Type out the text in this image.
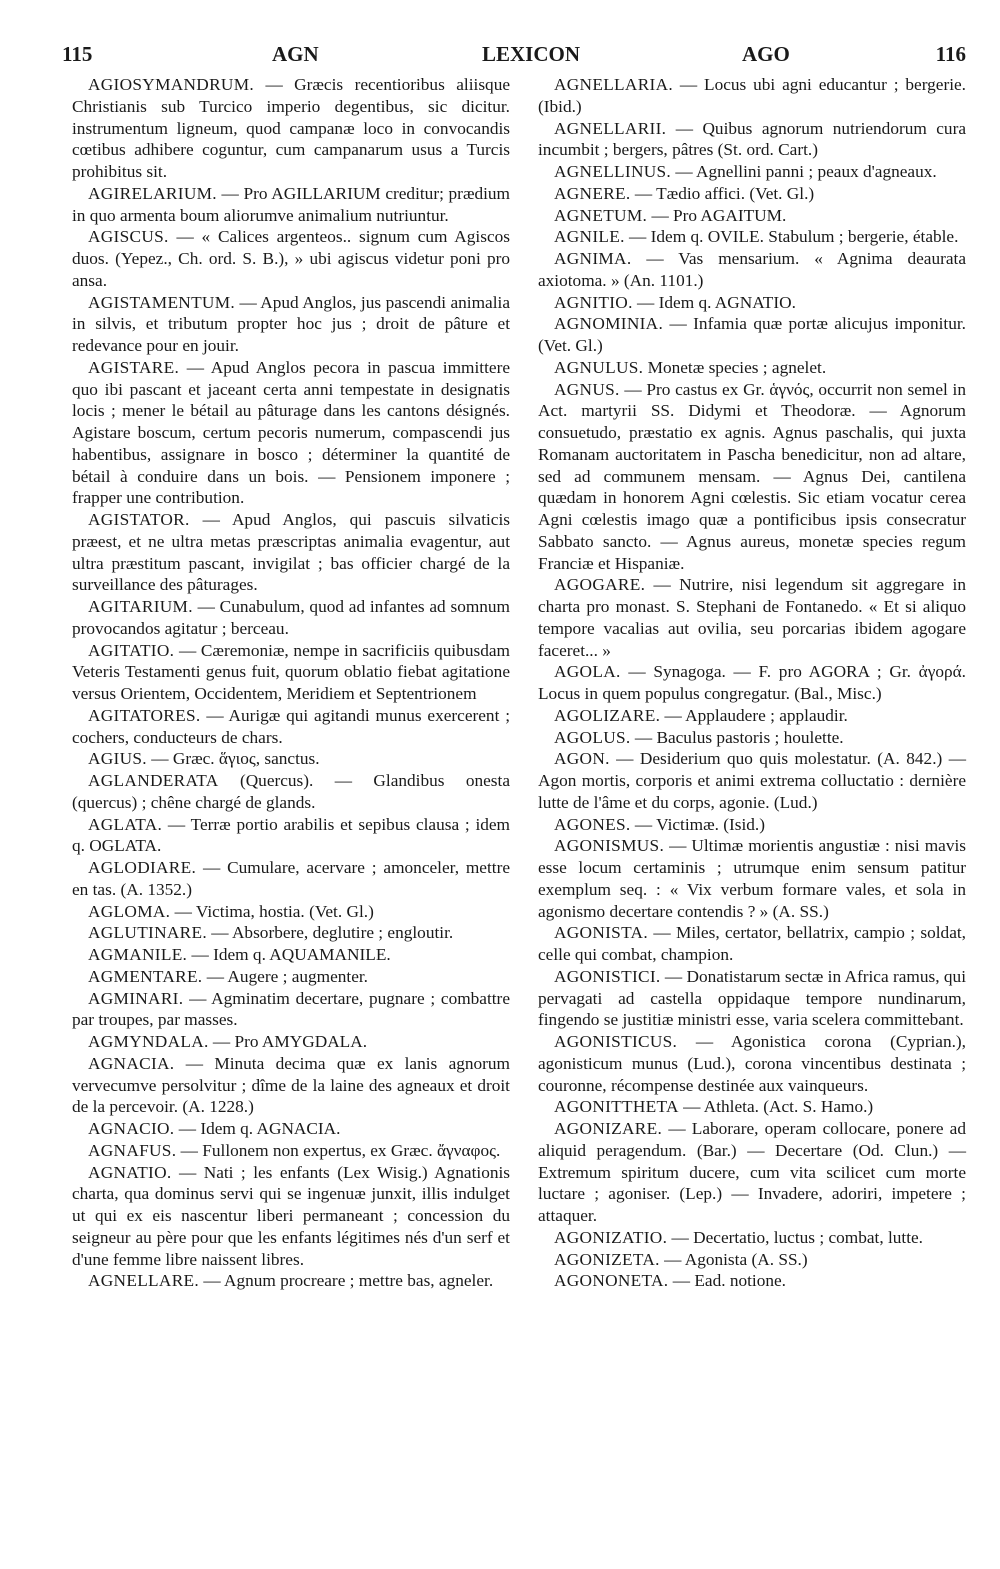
115	AGN	LEXICON	AGO	116

AGIOSYMANDRUM. — Græcis recentioribus aliisque Christianis sub Turcico imperio degentibus, sic dicitur. instrumentum ligneum, quod campanæ loco in convocandis cœtibus adhibere coguntur, cum campanarum usus a Turcis prohibitus sit.

AGIRELARIUM. — Pro AGILLARIUM creditur; prædium in quo armenta boum aliorumve animalium nutriuntur.

AGISCUS. — « Calices argenteos.. signum cum Agiscos duos. (Yepez., Ch. ord. S. B.), » ubi agiscus videtur poni pro ansa.

AGISTAMENTUM. — Apud Anglos, jus pascendi animalia in silvis, et tributum propter hoc jus ; droit de pâture et redevance pour en jouir.

AGISTARE. — Apud Anglos pecora in pascua immittere quo ibi pascant et jaceant certa anni tempestate in designatis locis ; mener le bétail au pâturage dans les cantons désignés. Agistare boscum, certum pecoris numerum, compascendi jus habentibus, assignare in bosco ; déterminer la quantité de bétail à conduire dans un bois. — Pensionem imponere ; frapper une contribution.

AGISTATOR. — Apud Anglos, qui pascuis silvaticis præest, et ne ultra metas præscriptas animalia evagentur, aut ultra præstitum pascant, invigilat ; bas officier chargé de la surveillance des pâturages.

AGITARIUM. — Cunabulum, quod ad infantes ad somnum provocandos agitatur ; berceau.

AGITATIO. — Cæremoniæ, nempe in sacrificiis quibusdam Veteris Testamenti genus fuit, quorum oblatio fiebat agitatione versus Orientem, Occidentem, Meridiem et Septentrionem

AGITATORES. — Aurigæ qui agitandi munus exercerent ; cochers, conducteurs de chars.

AGIUS. — Græc. ἅγιος, sanctus.

AGLANDERATA (Quercus). — Glandibus onesta (quercus) ; chêne chargé de glands.

AGLATA. — Terræ portio arabilis et sepibus clausa ; idem q. OGLATA.

AGLODIARE. — Cumulare, acervare ; amonceler, mettre en tas. (A. 1352.)

AGLOMA. — Victima, hostia. (Vet. Gl.)

AGLUTINARE. — Absorbere, deglutire ; engloutir.

AGMANILE. — Idem q. AQUAMANILE.

AGMENTARE. — Augere ; augmenter.

AGMINARI. — Agminatim decertare, pugnare ; combattre par troupes, par masses.

AGMYNDALA. — Pro AMYGDALA.

AGNACIA. — Minuta decima quæ ex lanis agnorum vervecumve persolvitur ; dîme de la laine des agneaux et droit de la percevoir. (A. 1228.)

AGNACIO. — Idem q. AGNACIA.

AGNAFUS. — Fullonem non expertus, ex Græc. ἄγναφος.

AGNATIO. — Nati ; les enfants (Lex Wisig.) Agnationis charta, qua dominus servi qui se ingenuæ junxit, illis indulget ut qui ex eis nascentur liberi permaneant ; concession du seigneur au père pour que les enfants légitimes nés d'un serf et d'une femme libre naissent libres.

AGNELLARE. — Agnum procreare ; mettre bas, agneler.

AGNELLARIA. — Locus ubi agni educantur ; bergerie. (Ibid.)

AGNELLARII. — Quibus agnorum nutriendorum cura incumbit ; bergers, pâtres (St. ord. Cart.)

AGNELLINUS. — Agnellini panni ; peaux d'agneaux.

AGNERE. — Tædio affici. (Vet. Gl.)

AGNETUM. — Pro AGAITUM.

AGNILE. — Idem q. OVILE. Stabulum ; bergerie, étable.

AGNIMA. — Vas mensarium. « Agnima deaurata axiotoma. » (An. 1101.)

AGNITIO. — Idem q. AGNATIO.

AGNOMINIA. — Infamia quæ portæ alicujus imponitur. (Vet. Gl.)

AGNULUS. Monetæ species ; agnelet.

AGNUS. — Pro castus ex Gr. ἁγνός, occurrit non semel in Act. martyrii SS. Didymi et Theodoræ. — Agnorum consuetudo, præstatio ex agnis. Agnus paschalis, qui juxta Romanam auctoritatem in Pascha benedicitur, non ad altare, sed ad communem mensam. — Agnus Dei, cantilena quædam in honorem Agni cœlestis. Sic etiam vocatur cerea Agni cœlestis imago quæ a pontificibus ipsis consecratur Sabbato sancto. — Agnus aureus, monetæ species regum Franciæ et Hispaniæ.

AGOGARE. — Nutrire, nisi legendum sit aggregare in charta pro monast. S. Stephani de Fontanedo. « Et si aliquo tempore vacalias aut ovilia, seu porcarias ibidem agogare faceret... »

AGOLA. — Synagoga. — F. pro AGORA ; Gr. ἀγορά. Locus in quem populus congregatur. (Bal., Misc.)

AGOLIZARE. — Applaudere ; applaudir.

AGOLUS. — Baculus pastoris ; houlette.

AGON. — Desiderium quo quis molestatur. (A. 842.) — Agon mortis, corporis et animi extrema colluctatio : dernière lutte de l'âme et du corps, agonie. (Lud.)

AGONES. — Victimæ. (Isid.)

AGONISMUS. — Ultimæ morientis angustiæ : nisi mavis esse locum certaminis ; utrumque enim sensum patitur exemplum seq. : « Vix verbum formare vales, et sola in agonismo decertare contendis ? » (A. SS.)

AGONISTA. — Miles, certator, bellatrix, campio ; soldat, celle qui combat, champion.

AGONISTICI. — Donatistarum sectæ in Africa ramus, qui pervagati ad castella oppidaque tempore nundinarum, fingendo se justitiæ ministri esse, varia scelera committebant.

AGONISTICUS. — Agonistica corona (Cyprian.), agonisticum munus (Lud.), corona vincentibus destinata ; couronne, récompense destinée aux vainqueurs.

AGONITTHETA — Athleta. (Act. S. Hamo.)

AGONIZARE. — Laborare, operam collocare, ponere ad aliquid peragendum. (Bar.) — Decertare (Od. Clun.) — Extremum spiritum ducere, cum vita scilicet cum morte luctare ; agoniser. (Lep.) — Invadere, adoriri, impetere ; attaquer.

AGONIZATIO. — Decertatio, luctus ; combat, lutte.

AGONIZETA. — Agonista (A. SS.)

AGONONETA. — Ead. notione.
